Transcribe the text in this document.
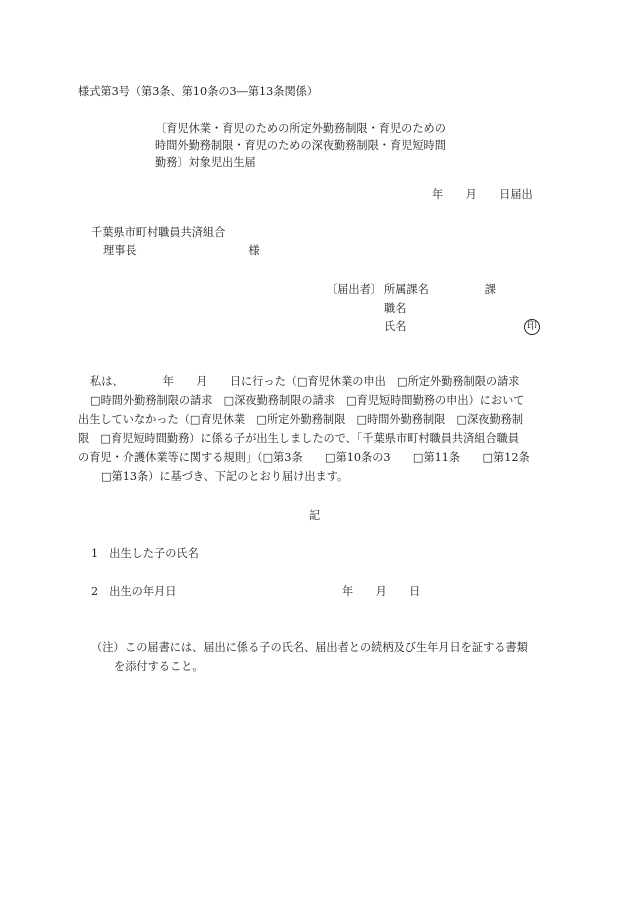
様式第3号（第3条、第10条の3―第13条関係）
〔育児休業・育児のための所定外勤務制限・育児のための
時間外勤務制限・育児のための深夜勤務制限・育児短時間
勤務〕対象児出生届
年　　月　　日届出
千葉県市町村職員共済組合
理事長　　　　　　　　　　様
〔届出者〕 所属課名　　　　　課
職名
氏名	印
私は、　　　　年　　月　　日に行った（□育児休業の申出　□所定外勤務制限の請求
□時間外勤務制限の請求　□深夜勤務制限の請求　□育児短時間勤務の申出）において
出生していなかった（□育児休業　□所定外勤務制限　□時間外勤務制限　□深夜勤務制
限　□育児短時間勤務）に係る子が出生しましたので、「千葉県市町村職員共済組合職員
の育児・介護休業等に関する規則」（□第3条　　□第10条の3　　□第11条　　□第12条
□第13条）に基づき、下記のとおり届け出ます。
記
1　出生した子の氏名
2　出生の年月日	年　　月　　日
（注） この届書には、届出に係る子の氏名、届出者との続柄及び生年月日を証する書類
を添付すること。
